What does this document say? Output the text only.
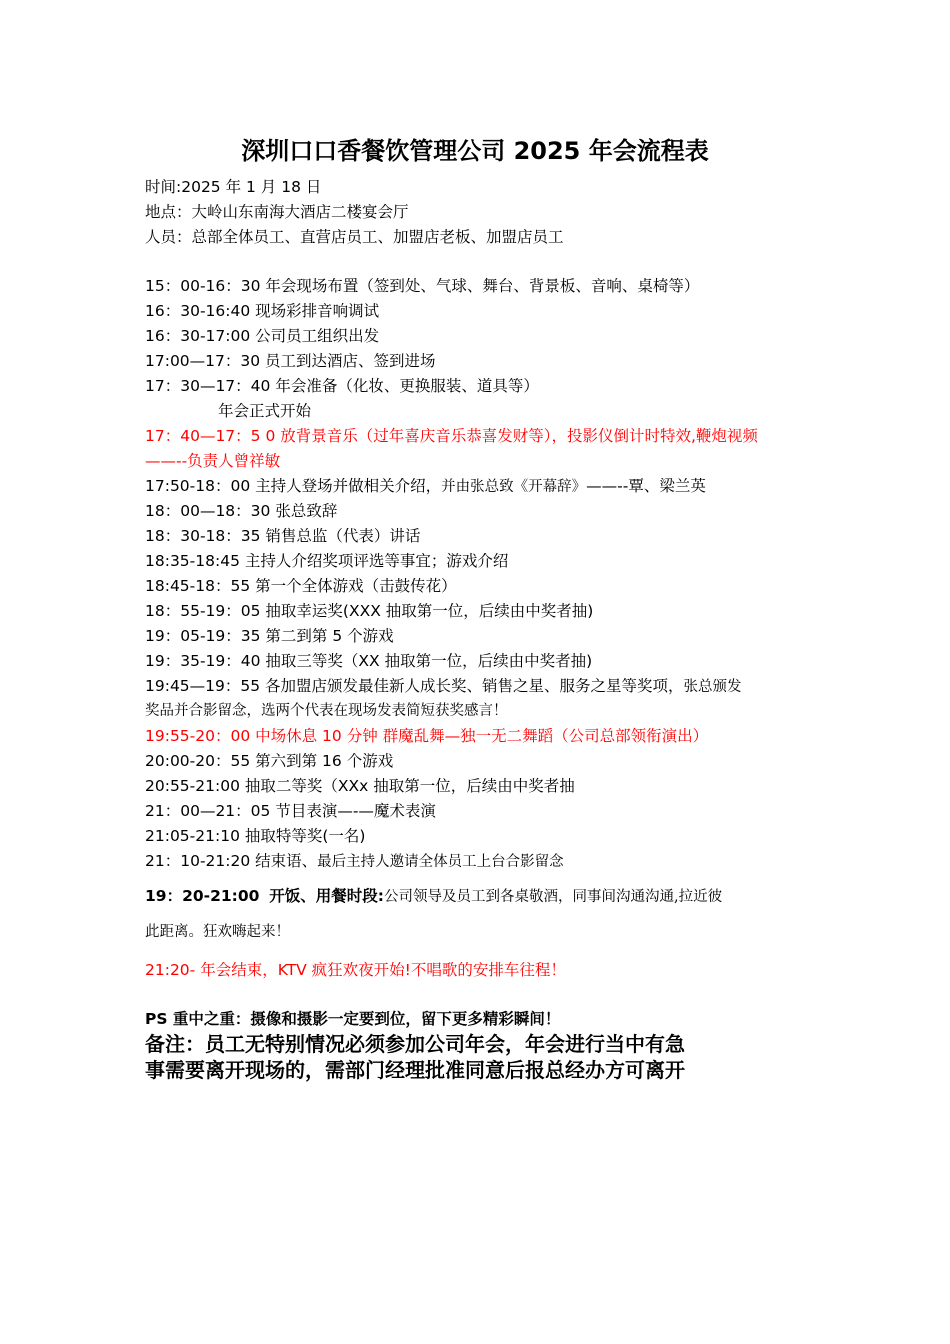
深圳口口香餐饮管理公司 2025 年会流程表
时间:2025 年 1 月 18 日
地点：大岭山东南海大酒店二楼宴会厅
人员：总部全体员工、直营店员工、加盟店老板、加盟店员工
15：00-16：30 年会现场布置（签到处、气球、舞台、背景板、音响、桌椅等）
16：30-16:40 现场彩排音响调试
16：30-17:00 公司员工组织出发
17:00—17：30 员工到达酒店、签到进场
17：30—17：40 年会准备（化妆、更换服装、道具等）
年会正式开始
17：40—17：5 0 放背景音乐（过年喜庆音乐恭喜发财等），投影仪倒计时特效,鞭炮视频
——--负责人曾祥敏
17:50-18：00 主持人登场并做相关介绍，并由张总致《开幕辞》——--覃、梁兰英
18：00—18：30 张总致辞
18：30-18：35 销售总监（代表）讲话
18:35-18:45 主持人介绍奖项评选等事宜；游戏介绍
18:45-18：55 第一个全体游戏（击鼓传花）
18：55-19：05 抽取幸运奖(XXX 抽取第一位，后续由中奖者抽)
19：05-19：35 第二到第 5 个游戏
19：35-19：40 抽取三等奖（XX 抽取第一位，后续由中奖者抽)
19:45—19：55 各加盟店颁发最佳新人成长奖、销售之星、服务之星等奖项，张总颁发
奖品并合影留念，选两个代表在现场发表简短获奖感言！
19:55-20：00 中场休息 10 分钟 群魔乱舞—独一无二舞蹈（公司总部领衔演出）
20:00-20：55 第六到第 16 个游戏
20:55-21:00 抽取二等奖（XXx 抽取第一位，后续由中奖者抽
21：00—21：05 节目表演—-—魔术表演
21:05-21:10 抽取特等奖(一名)
21：10-21:20 结束语、最后主持人邀请全体员工上台合影留念
19：20-21:00 开饭、用餐时段:公司领导及员工到各桌敬酒，同事间沟通沟通,拉近彼
此距离。狂欢嗨起来！
21:20- 年会结束，KTV 疯狂欢夜开始!不唱歌的安排车往程！
PS 重中之重：摄像和摄影一定要到位，留下更多精彩瞬间！
备注：员工无特别情况必须参加公司年会，年会进行当中有急
事需要离开现场的，需部门经理批准同意后报总经办方可离开
